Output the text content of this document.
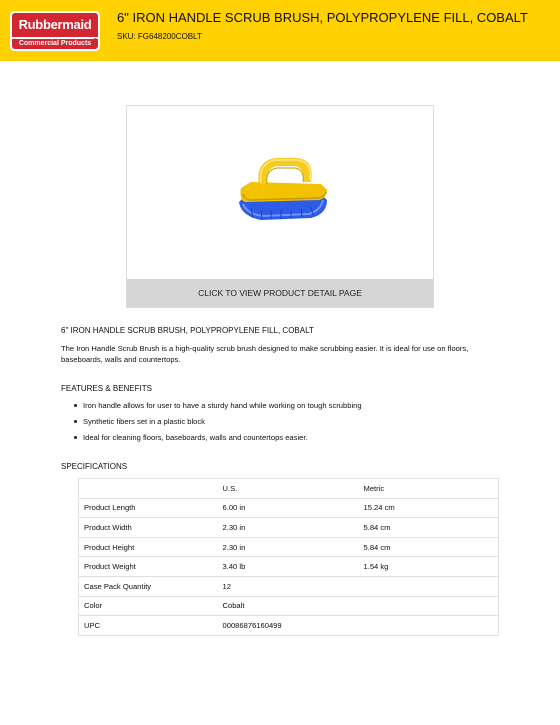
Rubbermaid
Commercial Products
6" IRON HANDLE SCRUB BRUSH, POLYPROPYLENE FILL, COBALT
SKU: FG648200COBLT
CLICK TO VIEW PRODUCT DETAIL PAGE
6" IRON HANDLE SCRUB BRUSH, POLYPROPYLENE FILL, COBALT
The Iron Handle Scrub Brush is a high-quality scrub brush designed to make scrubbing easier. It is ideal for use on floors, baseboards, walls and countertops.
FEATURES & BENEFITS
Iron handle allows for user to have a sturdy hand while working on tough scrubbing
Synthetic fibers set in a plastic block
Ideal for cleaning floors, baseboards, walls and countertops easier.
SPECIFICATIONS
	U.S.	Metric
Product Length	6.00 in	15.24 cm
Product Width	2.30 in	5.84 cm
Product Height	2.30 in	5.84 cm
Product Weight	3.40 lb	1.54 kg
Case Pack Quantity	12	
Color	Cobalt	
UPC	00086876160499	
